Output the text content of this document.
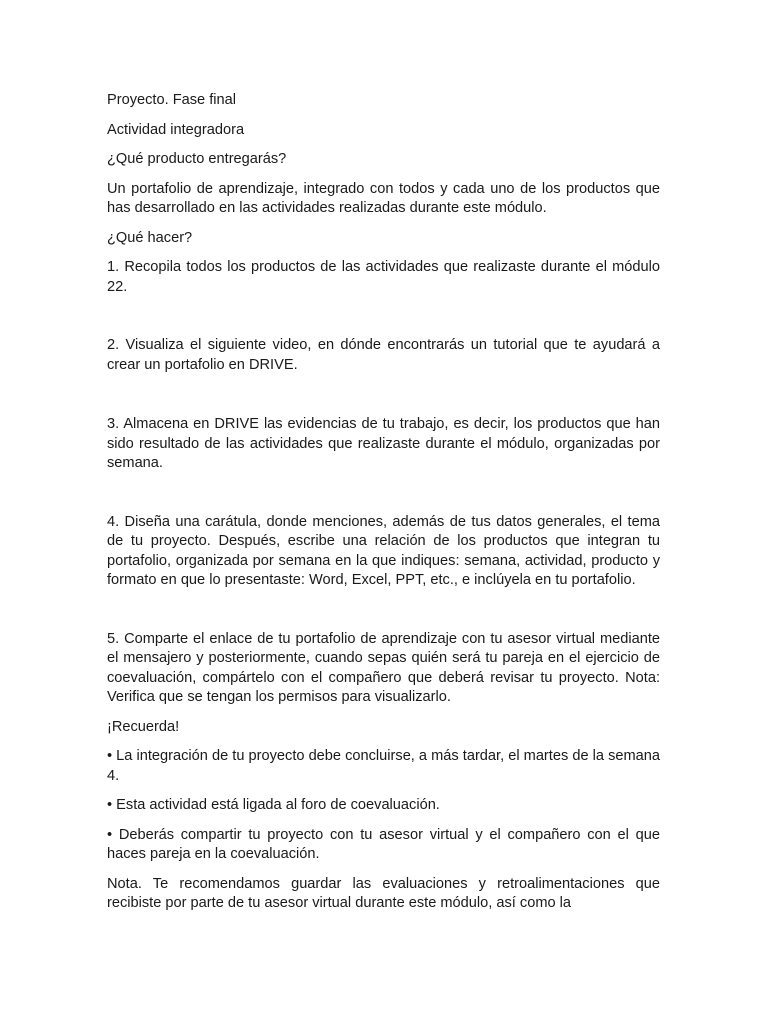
Proyecto. Fase final

Actividad integradora

¿Qué producto entregarás?

Un portafolio de aprendizaje, integrado con todos y cada uno de los productos que has desarrollado en las actividades realizadas durante este módulo.

¿Qué hacer?

1. Recopila todos los productos de las actividades que realizaste durante el módulo 22.

2. Visualiza el siguiente video, en dónde encontrarás un tutorial que te ayudará a crear un portafolio en DRIVE.

3. Almacena en DRIVE las evidencias de tu trabajo, es decir, los productos que han sido resultado de las actividades que realizaste durante el módulo, organizadas por semana.

4. Diseña una carátula, donde menciones, además de tus datos generales, el tema de tu proyecto. Después, escribe una relación de los productos que integran tu portafolio, organizada por semana en la que indiques: semana, actividad, producto y formato en que lo presentaste: Word, Excel, PPT, etc., e inclúyela en tu portafolio.

5. Comparte el enlace de tu portafolio de aprendizaje con tu asesor virtual mediante el mensajero y posteriormente, cuando sepas quién será tu pareja en el ejercicio de coevaluación, compártelo con el compañero que deberá revisar tu proyecto. Nota: Verifica que se tengan los permisos para visualizarlo.

¡Recuerda!

• La integración de tu proyecto debe concluirse, a más tardar, el martes de la semana 4.

• Esta actividad está ligada al foro de coevaluación.

• Deberás compartir tu proyecto con tu asesor virtual y el compañero con el que haces pareja en la coevaluación.

Nota. Te recomendamos guardar las evaluaciones y retroalimentaciones que recibiste por parte de tu asesor virtual durante este módulo, así como la
